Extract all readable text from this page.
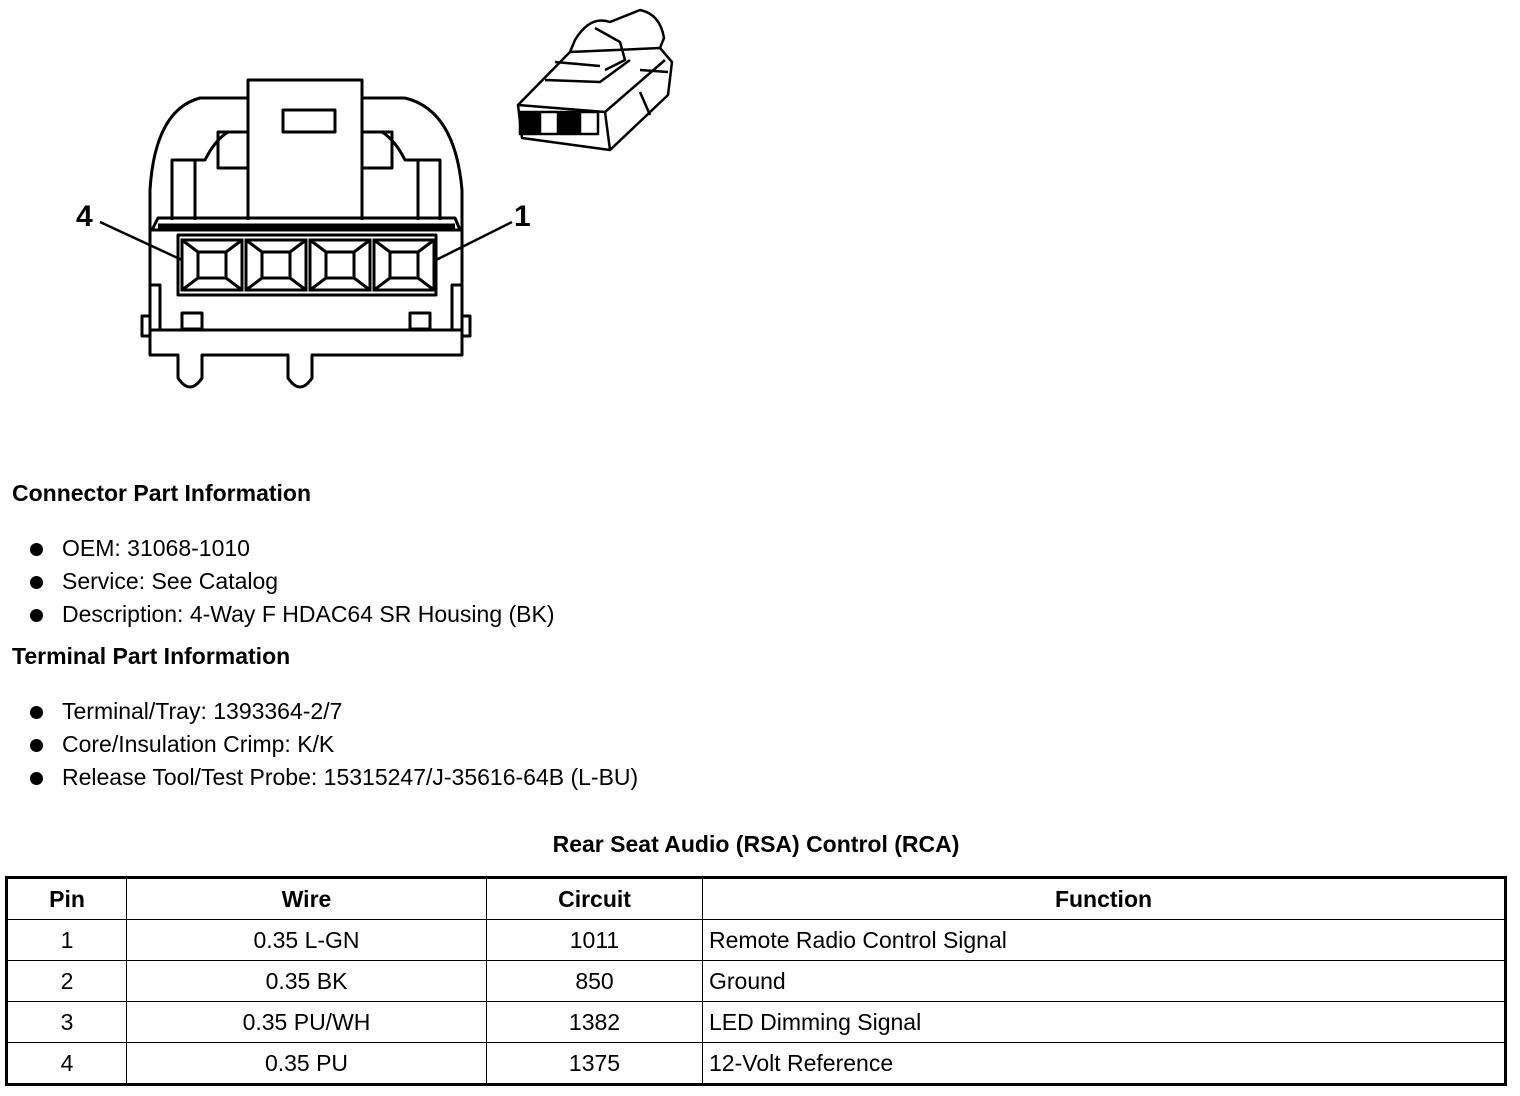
4	1
Connector Part Information
OEM: 31068-1010
Service: See Catalog
Description: 4-Way F HDAC64 SR Housing (BK)
Terminal Part Information
Terminal/Tray: 1393364-2/7
Core/Insulation Crimp: K/K
Release Tool/Test Probe: 15315247/J-35616-64B (L-BU)
Rear Seat Audio (RSA) Control (RCA)
Pin	Wire	Circuit	Function
1	0.35 L-GN	1011	Remote Radio Control Signal
2	0.35 BK	850	Ground
3	0.35 PU/WH	1382	LED Dimming Signal
4	0.35 PU	1375	12-Volt Reference
